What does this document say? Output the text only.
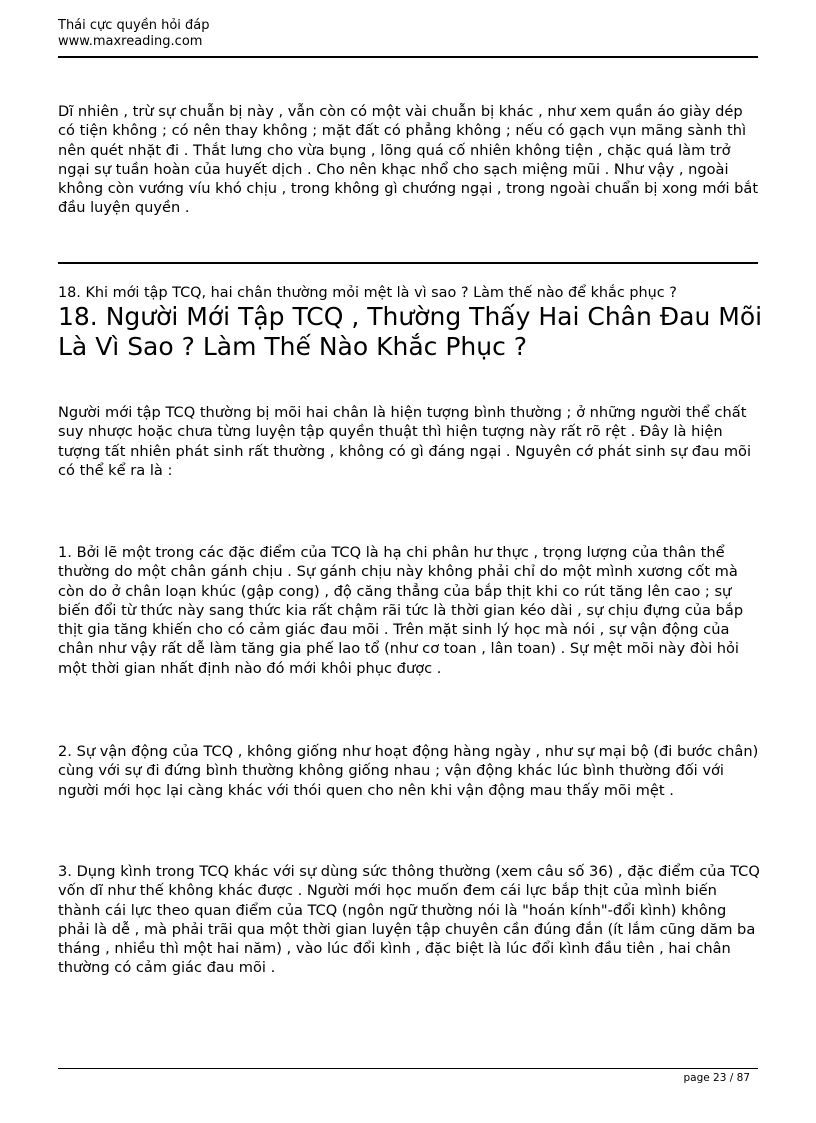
Thái cực quyền hỏi đáp
www.maxreading.com

Dĩ nhiên , trừ sự chuẫn bị này , vẫn còn có một vài chuẫn bị khác , như xem quần áo giày dép có tiện không ; có nên thay không ; mặt đất có phẳng không ; nếu có gạch vụn mãng sành thì nên quét nhặt đi . Thắt lưng cho vừa bụng , lõng quá cố nhiên không tiện , chặc quá làm trở ngại sự tuần hoàn của huyết dịch . Cho nên khạc nhổ cho sạch miệng mũi . Như vậy , ngoài không còn vướng víu khó chịu , trong không gì chướng ngại , trong ngoài chuẩn bị xong mới bắt đầu luyện quyền .

18. Khi mới tập TCQ, hai chân thường mỏi mệt là vì sao ? Làm thế nào để khắc phục ?
18. Người Mới Tập TCQ , Thường Thấy Hai Chân Đau Mõi Là Vì Sao ? Làm Thế Nào Khắc Phục ?

Người mới tập TCQ thường bị mõi hai chân là hiện tượng bình thường ; ở những người thể chất suy nhược hoặc chưa từng luyện tập quyền thuật thì hiện tượng này rất rõ rệt . Đây là hiện tượng tất nhiên phát sinh rất thường , không có gì đáng ngại . Nguyên cớ phát sinh sự đau mõi có thể kể ra là :

1. Bởi lẽ một trong các đặc điểm của TCQ là hạ chi phân hư thực , trọng lượng của thân thể thường do một chân gánh chịu . Sự gánh chịu này không phải chỉ do một mình xương cốt mà còn do ở chân loạn khúc (gập cong) , độ căng thẳng của bắp thịt khi co rút tăng lên cao ; sự biến đổi từ thức này sang thức kia rất chậm rãi tức là thời gian kéo dài , sự chịu đựng của bắp thịt gia tăng khiến cho có cảm giác đau mõi . Trên mặt sinh lý học mà nói , sự vận động của chân như vậy rất dễ làm tăng gia phế lao tổ (như cơ toan , lân toan) . Sự mệt mõi này đòi hỏi một thời gian nhất định nào đó mới khôi phục được .

2. Sự vận động của TCQ , không giống như hoạt động hàng ngày , như sự mại bộ (đi bước chân) cùng với sự đi đứng bình thường không giống nhau ; vận động khác lúc bình thường đối với người mới học lại càng khác với thói quen cho nên khi vận động mau thấy mõi mệt .

3. Dụng kình trong TCQ khác với sự dùng sức thông thường (xem câu số 36) , đặc điểm của TCQ vốn dĩ như thế không khác được . Người mới học muốn đem cái lực bắp thịt của mình biến thành cái lực theo quan điểm của TCQ (ngôn ngữ thường nói là "hoán kính"-đổi kình) không phải là dễ , mà phải trãi qua một thời gian luyện tập chuyên cần đúng đắn (ít lắm cũng dăm ba tháng , nhiều thì một hai năm) , vào lúc đổi kình , đặc biệt là lúc đổi kình đầu tiên , hai chân thường có cảm giác đau mõi .

page 23 / 87
